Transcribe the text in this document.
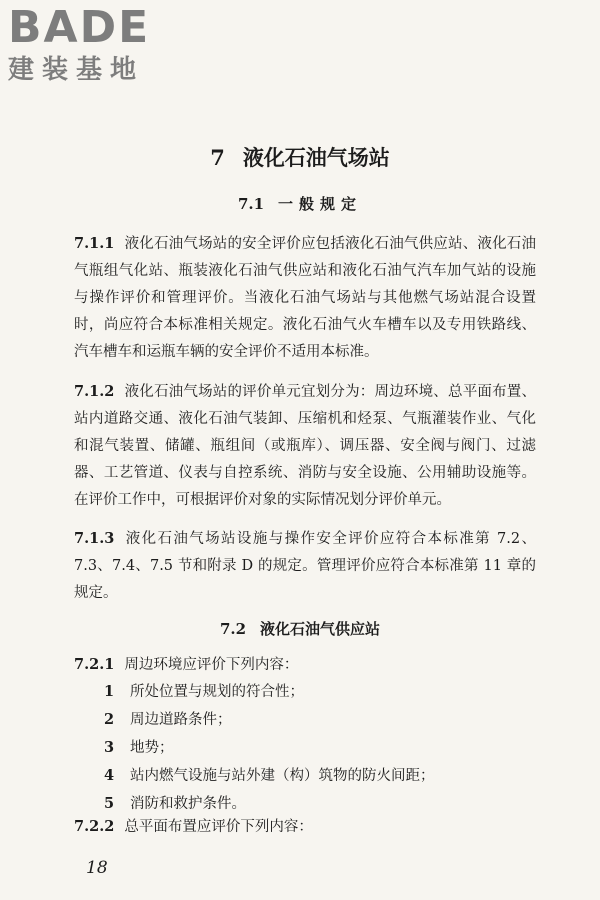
BADE
建装基地
7 液化石油气场站
7.1 一般规定

7.1.1 液化石油气场站的安全评价应包括液化石油气供应站、液化石油气瓶组气化站、瓶装液化石油气供应站和液化石油气汽车加气站的设施与操作评价和管理评价。当液化石油气场站与其他燃气场站混合设置时，尚应符合本标准相关规定。液化石油气火车槽车以及专用铁路线、汽车槽车和运瓶车辆的安全评价不适用本标准。

7.1.2 液化石油气场站的评价单元宜划分为：周边环境、总平面布置、站内道路交通、液化石油气装卸、压缩机和烃泵、气瓶灌装作业、气化和混气装置、储罐、瓶组间（或瓶库）、调压器、安全阀与阀门、过滤器、工艺管道、仪表与自控系统、消防与安全设施、公用辅助设施等。在评价工作中，可根据评价对象的实际情况划分评价单元。

7.1.3 液化石油气场站设施与操作安全评价应符合本标准第 7.2、7.3、7.4、7.5 节和附录 D 的规定。管理评价应符合本标准第 11 章的规定。

7.2 液化石油气供应站

7.2.1 周边环境应评价下列内容：

1 所处位置与规划的符合性；
2 周边道路条件；
3 地势；
4 站内燃气设施与站外建（构）筑物的防火间距；
5 消防和救护条件。

7.2.2 总平面布置应评价下列内容：

18
